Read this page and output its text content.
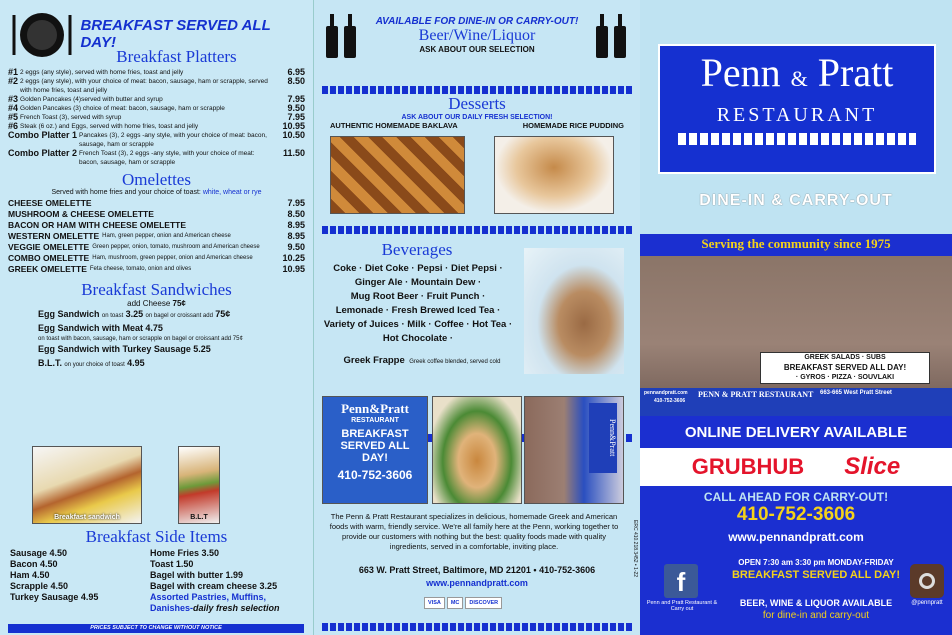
BREAKFAST SERVED ALL DAY!
Breakfast Platters
#1 2 eggs (any style), served with home fries, toast and jelly	6.95
#2 2 eggs (any style), with your choice of meat: bacon, sausage, ham or scrapple, served with home fries, toast and jelly
8.50
#3 Golden Pancakes (4)served with butter and syrup	7.95
#4 Golden Pancakes (3) choice of meat: bacon, sausage, ham or scrapple	9.50
#5 French Toast (3), served with syrup	7.95
#6 Steak (6 oz.) and Eggs, served with home fries, toast and jelly	10.95
Combo Platter 1 Pancakes (3), 2 eggs -any style, with your choice of meat: bacon, sausage, ham or scrapple
10.50
Combo Platter 2 French Toast (3), 2 eggs -any style, with your choice of meat: bacon, sausage, ham or scrapple
11.50
Omelettes
Served with home fries and your choice of toast: white, wheat or rye
CHEESE OMELETTE	7.95
MUSHROOM & CHEESE OMELETTE	8.50
BACON OR HAM WITH CHEESE OMELETTE	8.95
WESTERN OMELETTE Ham, green pepper, onion and American cheese	8.95
VEGGIE OMELETTE Green pepper, onion, tomato, mushroom and American cheese	9.50
COMBO OMELETTE Ham, mushroom, green pepper, onion and American cheese	10.25
GREEK OMELETTE Feta cheese, tomato, onion and olives	10.95
Breakfast Sandwiches
add Cheese 75¢
Egg Sandwich on toast 3.25 on bagel or croissant add 75¢
Egg Sandwich with Meat 4.75
on toast with bacon, sausage, ham or scrapple on bagel or croissant add 75¢
Egg Sandwich with Turkey Sausage 5.25
B.L.T. on your choice of toast 4.95
Breakfast sandwich	B.L.T
Breakfast Side Items
Sausage 4.50
Bacon 4.50
Ham 4.50
Scrapple 4.50
Turkey Sausage 4.95
Home Fries 3.50
Toast 1.50
Bagel with butter 1.99
Bagel with cream cheese 3.25
Assorted Pastries, Muffins,
Danishes-daily fresh selection
PRICES SUBJECT TO CHANGE WITHOUT NOTICE
AVAILABLE FOR DINE-IN OR CARRY-OUT!
Beer/Wine/Liquor
ASK ABOUT OUR SELECTION
Desserts
ASK ABOUT OUR DAILY FRESH SELECTION!
AUTHENTIC HOMEMADE BAKLAVA	HOMEMADE RICE PUDDING
Beverages
Coke · Diet Coke · Pepsi · Diet Pepsi ·
Ginger Ale · Mountain Dew ·
Mug Root Beer · Fruit Punch ·
Lemonade · Fresh Brewed Iced Tea ·
Variety of Juices · Milk · Coffee · Hot Tea ·
Hot Chocolate ·
Greek Frappe Greek coffee blended, served cold
Penn&Pratt
RESTAURANT
BREAKFAST SERVED ALL DAY!
410-752-3606
Penn&Pratt
The Penn & Pratt Restaurant specializes in delicious, homemade Greek and American foods with warm, friendly service. We're all family here at the Penn, working together to provide our customers with nothing but the best: quality foods made with quality ingredients, served in a comfortable, inviting place.
663 W. Pratt Street, Baltimore, MD 21201 • 410-752-3606
www.pennandpratt.com
VISA	MC	DISCOVER
ERC 410.218.3452 • 1-22
Penn & Pratt
RESTAURANT
DINE-IN & CARRY-OUT
Serving the community since 1975
GREEK SALADS · SUBS
BREAKFAST SERVED ALL DAY!
· GYROS · PIZZA · SOUVLAKI
pennandpratt.com
410-752-3606
PENN & PRATT RESTAURANT 663-665 West Pratt Street
ONLINE DELIVERY AVAILABLE
GRUBHUB Slice
CALL AHEAD FOR CARRY-OUT!
410-752-3606
www.pennandpratt.com
OPEN 7:30 am 3:30 pm MONDAY-FRIDAY
BREAKFAST SERVED ALL DAY!
f
Penn and Pratt Restaurant & Carry out
@pennpratt
BEER, WINE & LIQUOR AVAILABLE
for dine-in and carry-out
